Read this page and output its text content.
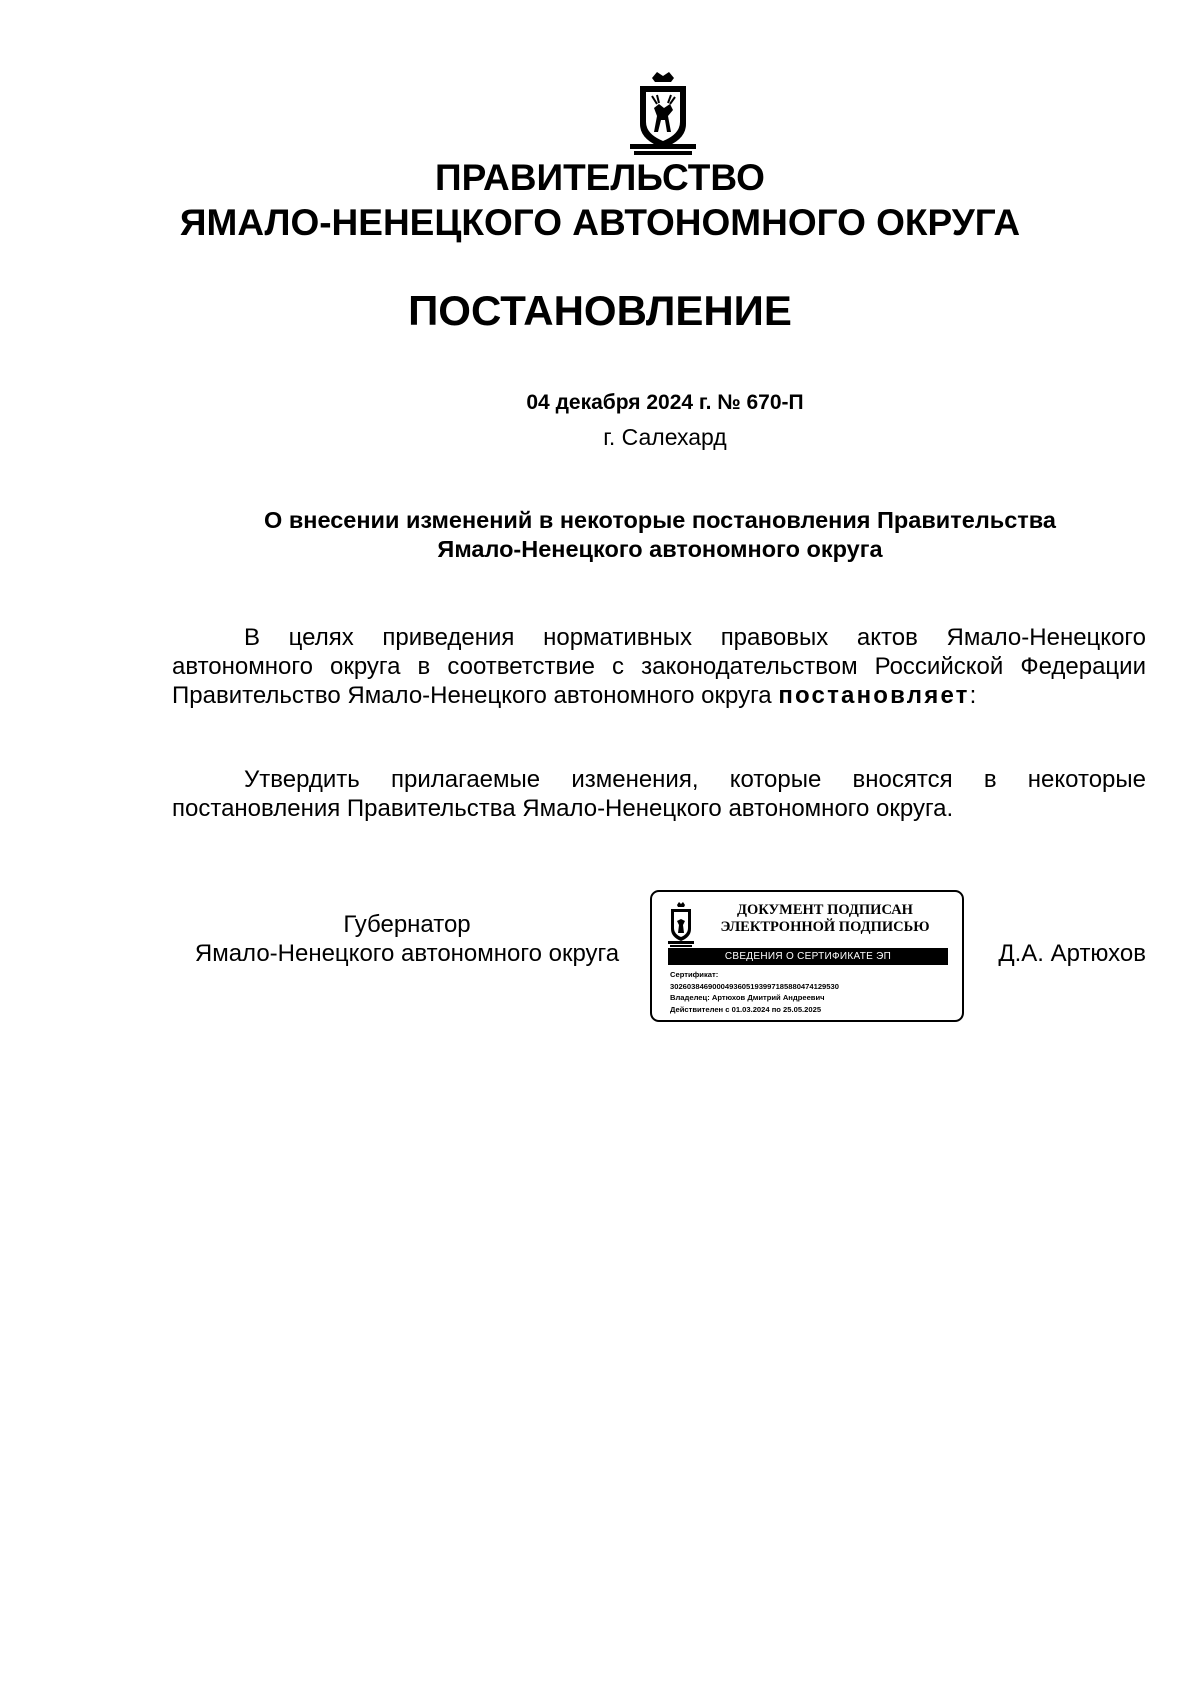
ПРАВИТЕЛЬСТВО
ЯМАЛО-НЕНЕЦКОГО АВТОНОМНОГО ОКРУГА
ПОСТАНОВЛЕНИЕ
04 декабря 2024 г. № 670-П
г. Салехард
О внесении изменений в некоторые постановления Правительства
Ямало-Ненецкого автономного округа
В целях приведения нормативных правовых актов Ямало-Ненецкого автономного округа в соответствие с законодательством Российской Федерации Правительство Ямало-Ненецкого автономного округа постановляет:
Утвердить прилагаемые изменения, которые вносятся в некоторые постановления Правительства Ямало-Ненецкого автономного округа.
Губернатор
Ямало-Ненецкого автономного округа
ДОКУМЕНТ ПОДПИСАН
ЭЛЕКТРОННОЙ ПОДПИСЬЮ
СВЕДЕНИЯ О СЕРТИФИКАТЕ ЭП
Сертификат:
3026038469000493605193997185880474129530
Владелец: Артюхов Дмитрий Андреевич
Действителен с 01.03.2024 по 25.05.2025
Д.А. Артюхов
